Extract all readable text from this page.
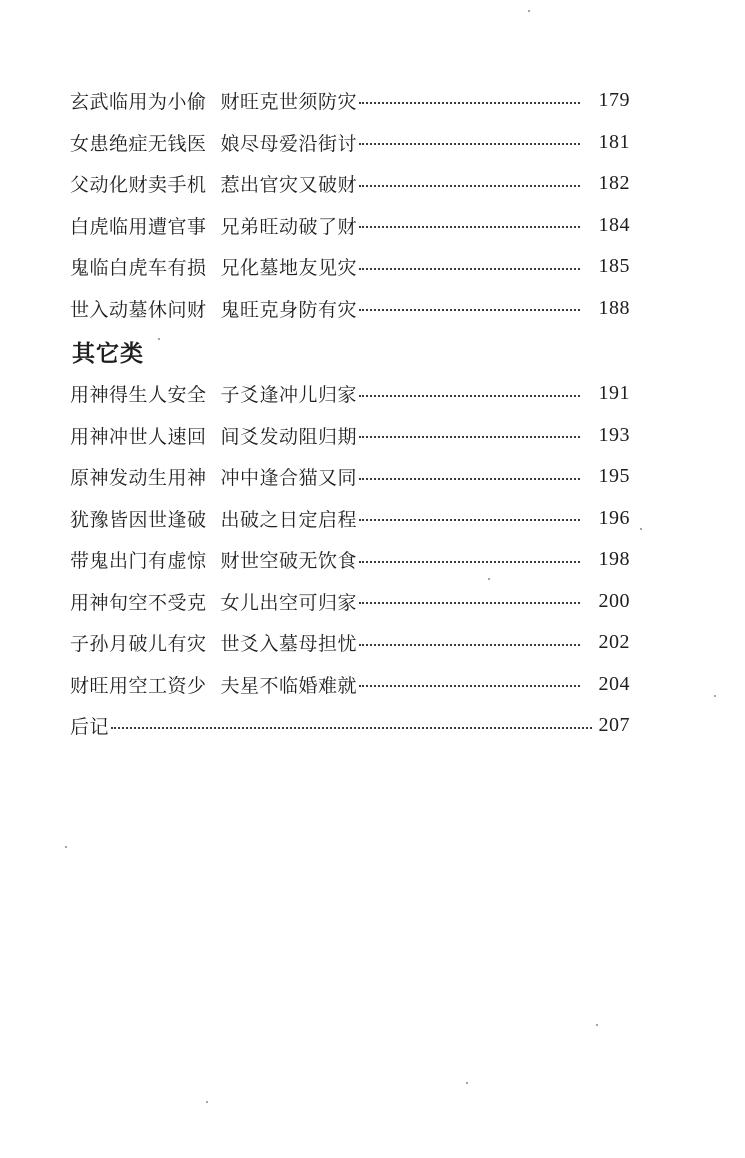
玄武临用为小偷 财旺克世须防灾	179
女患绝症无钱医 娘尽母爱沿街讨	181
父动化财卖手机 惹出官灾又破财	182
白虎临用遭官事 兄弟旺动破了财	184
鬼临白虎车有损 兄化墓地友见灾	185
世入动墓休问财 鬼旺克身防有灾	188
其它类
用神得生人安全 子爻逢冲儿归家	191
用神冲世人速回 间爻发动阻归期	193
原神发动生用神 冲中逢合猫又同	195
犹豫皆因世逢破 出破之日定启程	196
带鬼出门有虚惊 财世空破无饮食	198
用神旬空不受克 女儿出空可归家	200
子孙月破儿有灾 世爻入墓母担忧	202
财旺用空工资少 夫星不临婚难就	204
后记	207
